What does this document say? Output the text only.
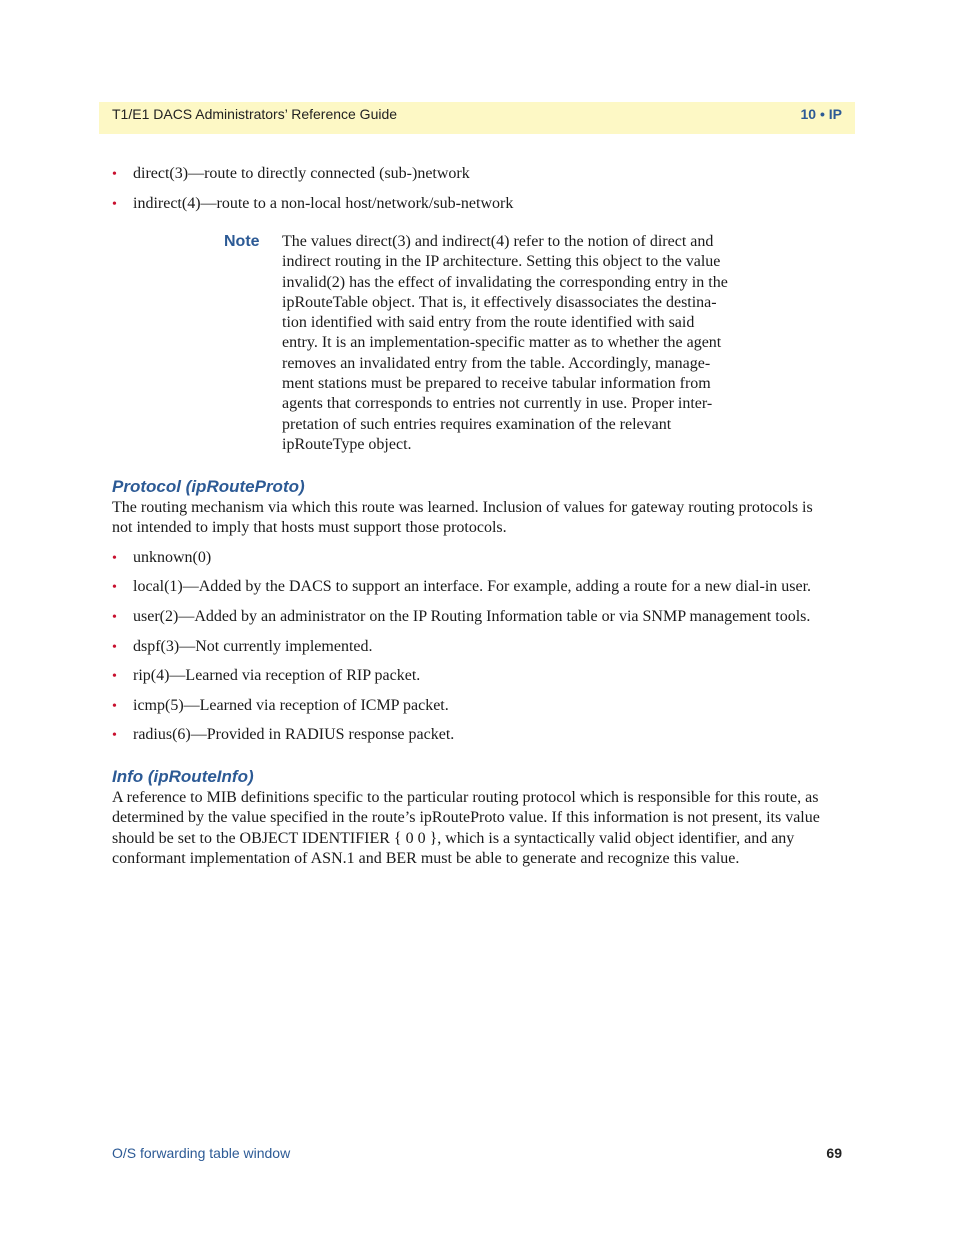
T1/E1 DACS Administrators’ Reference Guide	10 • IP
• direct(3)—route to directly connected (sub-)network
• indirect(4)—route to a non-local host/network/sub-network
Note The values direct(3) and indirect(4) refer to the notion of direct and
indirect routing in the IP architecture. Setting this object to the value
invalid(2) has the effect of invalidating the corresponding entry in the
ipRouteTable object. That is, it effectively disassociates the destina-
tion identified with said entry from the route identified with said
entry. It is an implementation-specific matter as to whether the agent
removes an invalidated entry from the table. Accordingly, manage-
ment stations must be prepared to receive tabular information from
agents that corresponds to entries not currently in use. Proper inter-
pretation of such entries requires examination of the relevant
ipRouteType object.
Protocol (ipRouteProto)
The routing mechanism via which this route was learned. Inclusion of values for gateway routing protocols is
not intended to imply that hosts must support those protocols.
• unknown(0)
• local(1)—Added by the DACS to support an interface. For example, adding a route for a new dial-in user.
• user(2)—Added by an administrator on the IP Routing Information table or via SNMP management tools.
• dspf(3)—Not currently implemented.
• rip(4)—Learned via reception of RIP packet.
• icmp(5)—Learned via reception of ICMP packet.
• radius(6)—Provided in RADIUS response packet.
Info (ipRouteInfo)
A reference to MIB definitions specific to the particular routing protocol which is responsible for this route, as
determined by the value specified in the route’s ipRouteProto value. If this information is not present, its value
should be set to the OBJECT IDENTIFIER { 0 0 }, which is a syntactically valid object identifier, and any
conformant implementation of ASN.1 and BER must be able to generate and recognize this value.
O/S forwarding table window	69
